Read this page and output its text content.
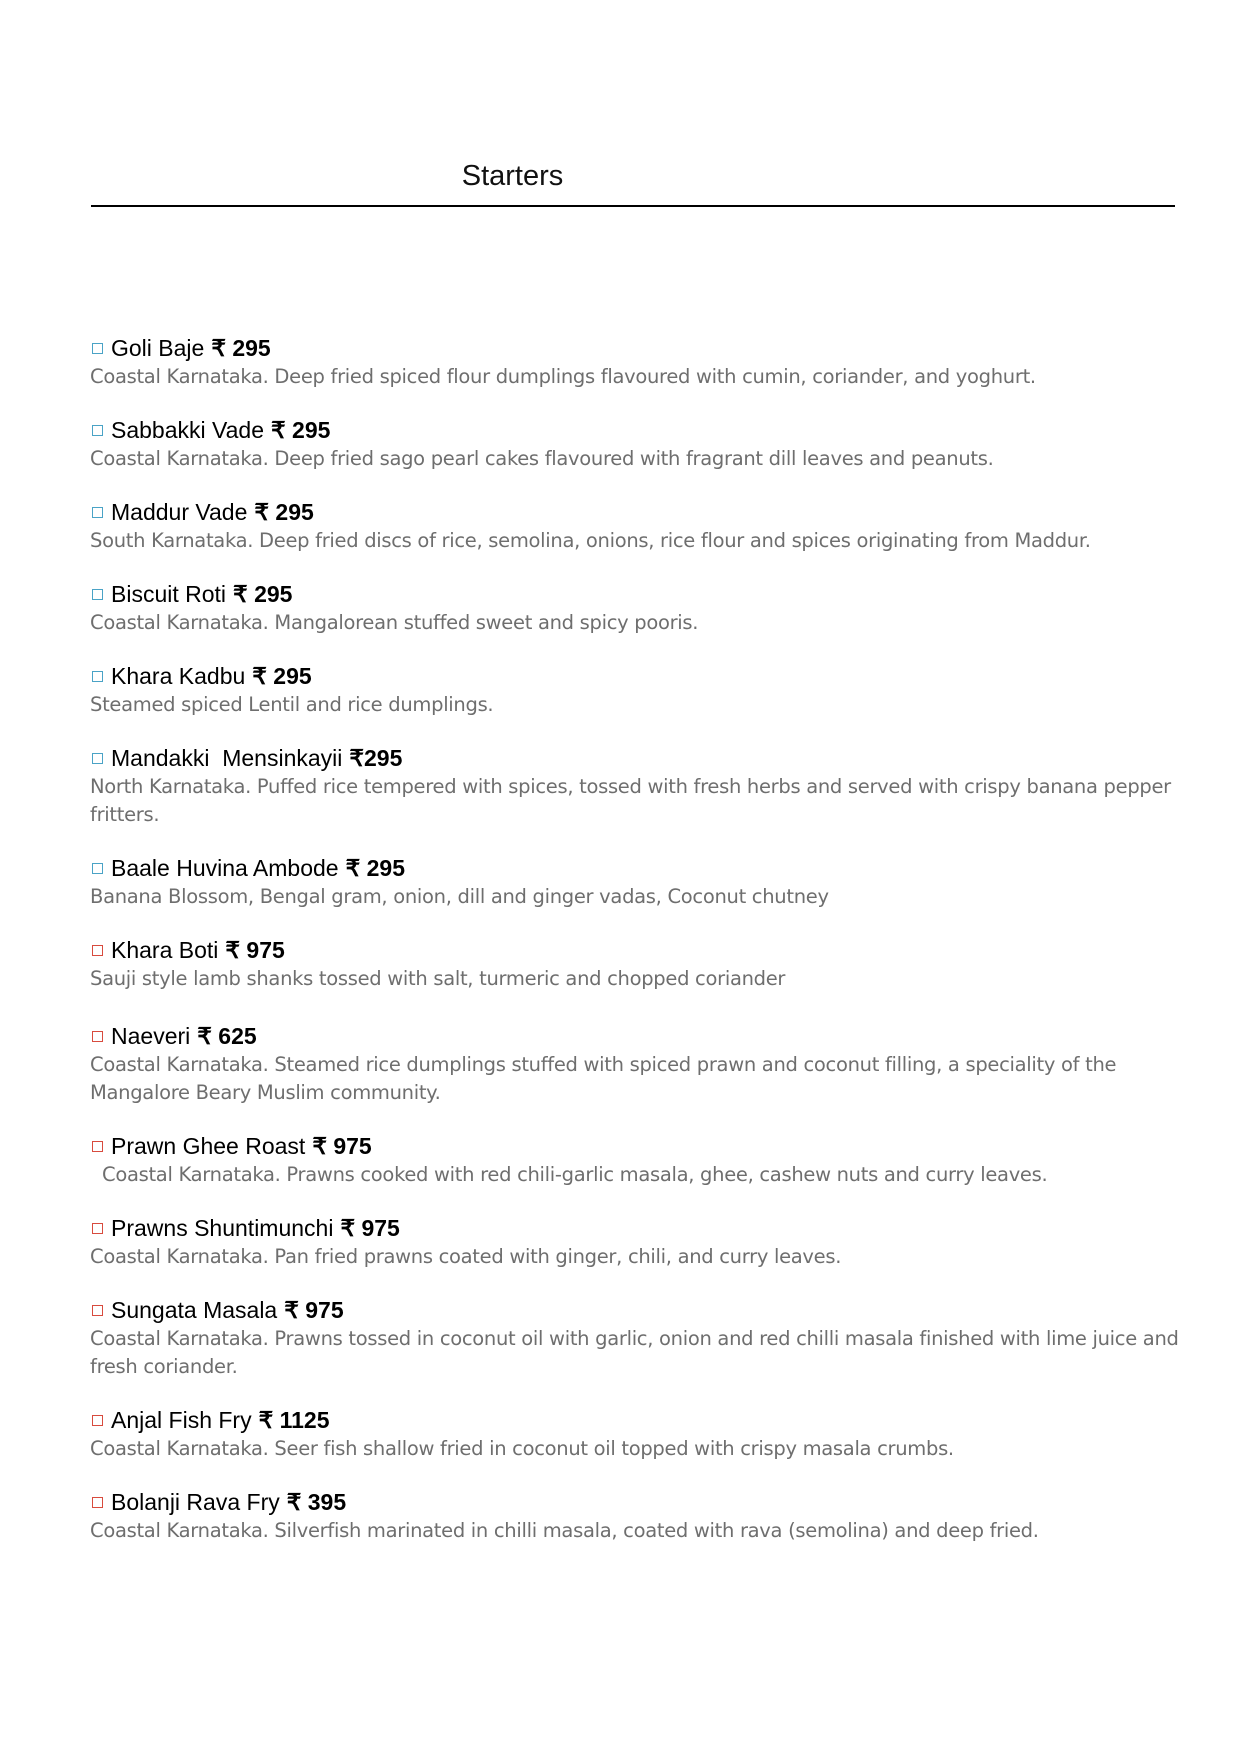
Starters
Goli Baje ₹ 295
Coastal Karnataka. Deep fried spiced flour dumplings flavoured with cumin, coriander, and yoghurt.
Sabbakki Vade ₹ 295
Coastal Karnataka. Deep fried sago pearl cakes flavoured with fragrant dill leaves and peanuts.
Maddur Vade ₹ 295
South Karnataka. Deep fried discs of rice, semolina, onions, rice flour and spices originating from Maddur.
Biscuit Roti ₹ 295
Coastal Karnataka. Mangalorean stuffed sweet and spicy pooris.
Khara Kadbu ₹ 295
Steamed spiced Lentil and rice dumplings.
Mandakki  Mensinkayii ₹295
North Karnataka. Puffed rice tempered with spices, tossed with fresh herbs and served with crispy banana pepper fritters.
Baale Huvina Ambode ₹ 295
Banana Blossom, Bengal gram, onion, dill and ginger vadas, Coconut chutney
Khara Boti ₹ 975
Sauji style lamb shanks tossed with salt, turmeric and chopped coriander
Naeveri ₹ 625
Coastal Karnataka. Steamed rice dumplings stuffed with spiced prawn and coconut filling, a speciality of the Mangalore Beary Muslim community.
Prawn Ghee Roast ₹ 975
Coastal Karnataka. Prawns cooked with red chili-garlic masala, ghee, cashew nuts and curry leaves.
Prawns Shuntimunchi ₹ 975
Coastal Karnataka. Pan fried prawns coated with ginger, chili, and curry leaves.
Sungata Masala ₹ 975
Coastal Karnataka. Prawns tossed in coconut oil with garlic, onion and red chilli masala finished with lime juice and fresh coriander.
Anjal Fish Fry ₹ 1125
Coastal Karnataka. Seer fish shallow fried in coconut oil topped with crispy masala crumbs.
Bolanji Rava Fry ₹ 395
Coastal Karnataka. Silverfish marinated in chilli masala, coated with rava (semolina) and deep fried.
